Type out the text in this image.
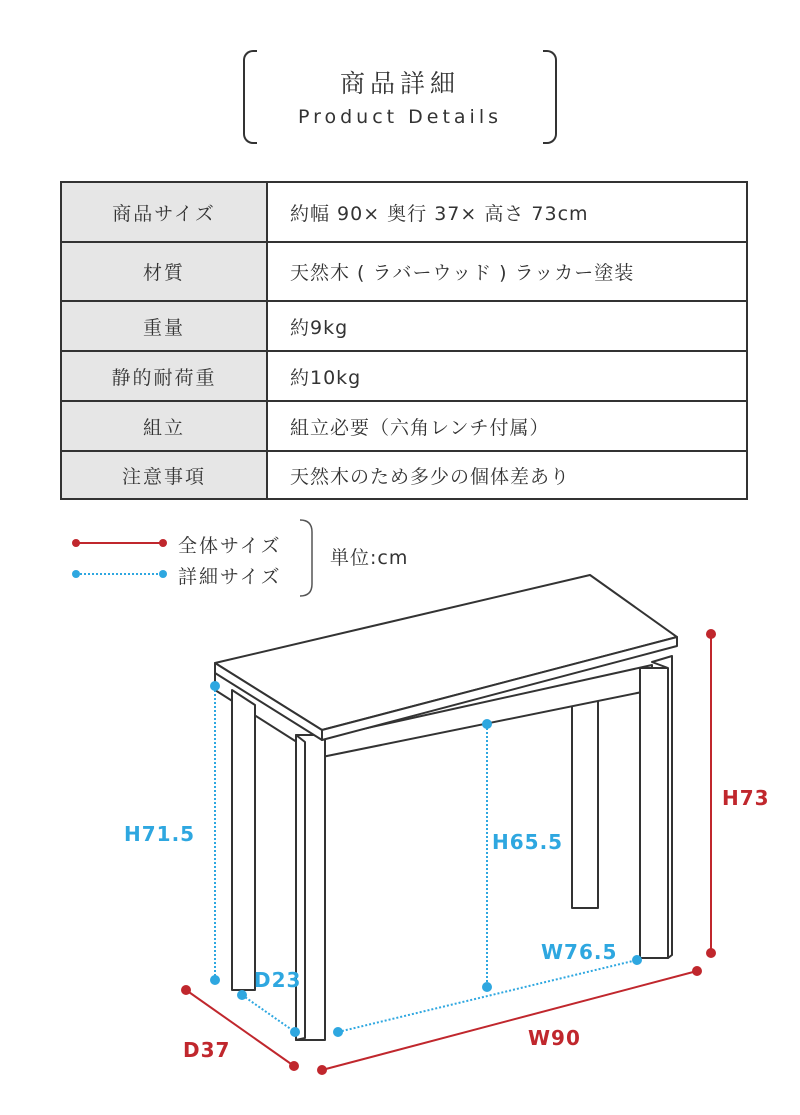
商品詳細
Product Details
商品サイズ	約幅 90× 奥行 37× 高さ 73cm
材質	天然木 ( ラバーウッド ) ラッカー塗装
重量	約9kg
静的耐荷重	約10kg
組立	組立必要（六角レンチ付属）
注意事項	天然木のため多少の個体差あり
全体サイズ
詳細サイズ
単位:cm
H73
W90
D37
H71.5	H65.5
W76.5
D23
